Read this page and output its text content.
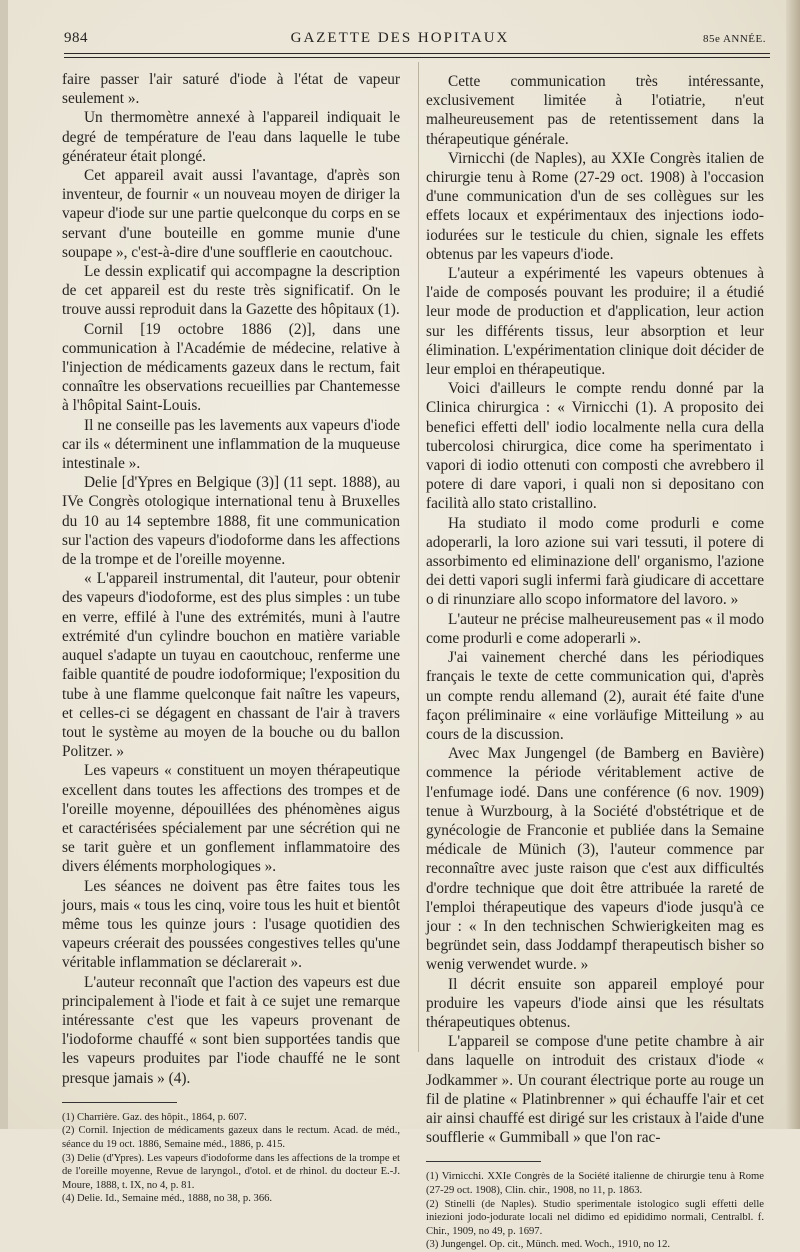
984	GAZETTE DES HOPITAUX	85e ANNÉE.

faire passer l'air saturé d'iode à l'état de vapeur seulement ».

Un thermomètre annexé à l'appareil indiquait le degré de température de l'eau dans laquelle le tube générateur était plongé.

Cet appareil avait aussi l'avantage, d'après son inventeur, de fournir « un nouveau moyen de diriger la vapeur d'iode sur une partie quelconque du corps en se servant d'une bouteille en gomme munie d'une soupape », c'est-à-dire d'une soufflerie en caoutchouc.

Le dessin explicatif qui accompagne la description de cet appareil est du reste très significatif. On le trouve aussi reproduit dans la Gazette des hôpitaux (1).

Cornil [19 octobre 1886 (2)], dans une communication à l'Académie de médecine, relative à l'injection de médicaments gazeux dans le rectum, fait connaître les observations recueillies par Chantemesse à l'hôpital Saint-Louis.

Il ne conseille pas les lavements aux vapeurs d'iode car ils « déterminent une inflammation de la muqueuse intestinale ».

Delie [d'Ypres en Belgique (3)] (11 sept. 1888), au IVe Congrès otologique international tenu à Bruxelles du 10 au 14 septembre 1888, fit une communication sur l'action des vapeurs d'iodoforme dans les affections de la trompe et de l'oreille moyenne.

« L'appareil instrumental, dit l'auteur, pour obtenir des vapeurs d'iodoforme, est des plus simples : un tube en verre, effilé à l'une des extrémités, muni à l'autre extrémité d'un cylindre bouchon en matière variable auquel s'adapte un tuyau en caoutchouc, renferme une faible quantité de poudre iodoformique; l'exposition du tube à une flamme quelconque fait naître les vapeurs, et celles-ci se dégagent en chassant de l'air à travers tout le système au moyen de la bouche ou du ballon Politzer. »

Les vapeurs « constituent un moyen thérapeutique excellent dans toutes les affections des trompes et de l'oreille moyenne, dépouillées des phénomènes aigus et caractérisées spécialement par une sécrétion qui ne se tarit guère et un gonflement inflammatoire des divers éléments morphologiques ».

Les séances ne doivent pas être faites tous les jours, mais « tous les cinq, voire tous les huit et bientôt même tous les quinze jours : l'usage quotidien des vapeurs créerait des poussées congestives telles qu'une véritable inflammation se déclarerait ».

L'auteur reconnaît que l'action des vapeurs est due principalement à l'iode et fait à ce sujet une remarque intéressante c'est que les vapeurs provenant de l'iodoforme chauffé « sont bien supportées tandis que les vapeurs produites par l'iode chauffé ne le sont presque jamais » (4).

(1) Charrière. Gaz. des hôpit., 1864, p. 607.

(2) Cornil. Injection de médicaments gazeux dans le rectum. Acad. de méd., séance du 19 oct. 1886, Semaine méd., 1886, p. 415.

(3) Delie (d'Ypres). Les vapeurs d'iodoforme dans les affections de la trompe et de l'oreille moyenne, Revue de laryngol., d'otol. et de rhinol. du docteur E.-J. Moure, 1888, t. IX, no 4, p. 81.

(4) Delie. Id., Semaine méd., 1888, no 38, p. 366.

Cette communication très intéressante, exclusivement limitée à l'otiatrie, n'eut malheureusement pas de retentissement dans la thérapeutique générale.

Virnicchi (de Naples), au XXIe Congrès italien de chirurgie tenu à Rome (27-29 oct. 1908) à l'occasion d'une communication d'un de ses collègues sur les effets locaux et expérimentaux des injections iodo-iodurées sur le testicule du chien, signale les effets obtenus par les vapeurs d'iode.

L'auteur a expérimenté les vapeurs obtenues à l'aide de composés pouvant les produire; il a étudié leur mode de production et d'application, leur action sur les différents tissus, leur absorption et leur élimination. L'expérimentation clinique doit décider de leur emploi en thérapeutique.

Voici d'ailleurs le compte rendu donné par la Clinica chirurgica : « Virnicchi (1). A proposito dei benefici effetti dell' iodio localmente nella cura della tubercolosi chirurgica, dice come ha sperimentato i vapori di iodio ottenuti con composti che avrebbero il potere di dare vapori, i quali non si depositano con facilità allo stato cristallino.

Ha studiato il modo come produrli e come adoperarli, la loro azione sui vari tessuti, il potere di assorbimento ed eliminazione dell' organismo, l'azione dei detti vapori sugli infermi farà giudicare di accettare o di rinunziare allo scopo informatore del lavoro. »

L'auteur ne précise malheureusement pas « il modo come produrli e come adoperarli ».

J'ai vainement cherché dans les périodiques français le texte de cette communication qui, d'après un compte rendu allemand (2), aurait été faite d'une façon préliminaire « eine vorläufige Mitteilung » au cours de la discussion.

Avec Max Jungengel (de Bamberg en Bavière) commence la période véritablement active de l'enfumage iodé. Dans une conférence (6 nov. 1909) tenue à Wurzbourg, à la Société d'obstétrique et de gynécologie de Franconie et publiée dans la Semaine médicale de Münich (3), l'auteur commence par reconnaître avec juste raison que c'est aux difficultés d'ordre technique que doit être attribuée la rareté de l'emploi thérapeutique des vapeurs d'iode jusqu'à ce jour : « In den technischen Schwierigkeiten mag es begründet sein, dass Joddampf therapeutisch bisher so wenig verwendet wurde. »

Il décrit ensuite son appareil employé pour produire les vapeurs d'iode ainsi que les résultats thérapeutiques obtenus.

L'appareil se compose d'une petite chambre à air dans laquelle on introduit des cristaux d'iode « Jodkammer ». Un courant électrique porte au rouge un fil de platine « Platinbrenner » qui échauffe l'air et cet air ainsi chauffé est dirigé sur les cristaux à l'aide d'une soufflerie « Gummiball » que l'on rac-

(1) Virnicchi. XXIe Congrès de la Société italienne de chirurgie tenu à Rome (27-29 oct. 1908), Clin. chir., 1908, no 11, p. 1863.

(2) Stinelli (de Naples). Studio sperimentale istologico sugli effetti delle iniezioni jodo-jodurate locali nel didimo ed epididimo normali, Centralbl. f. Chir., 1909, no 49, p. 1697.

(3) Jungengel. Op. cit., Münch. med. Woch., 1910, no 12.
